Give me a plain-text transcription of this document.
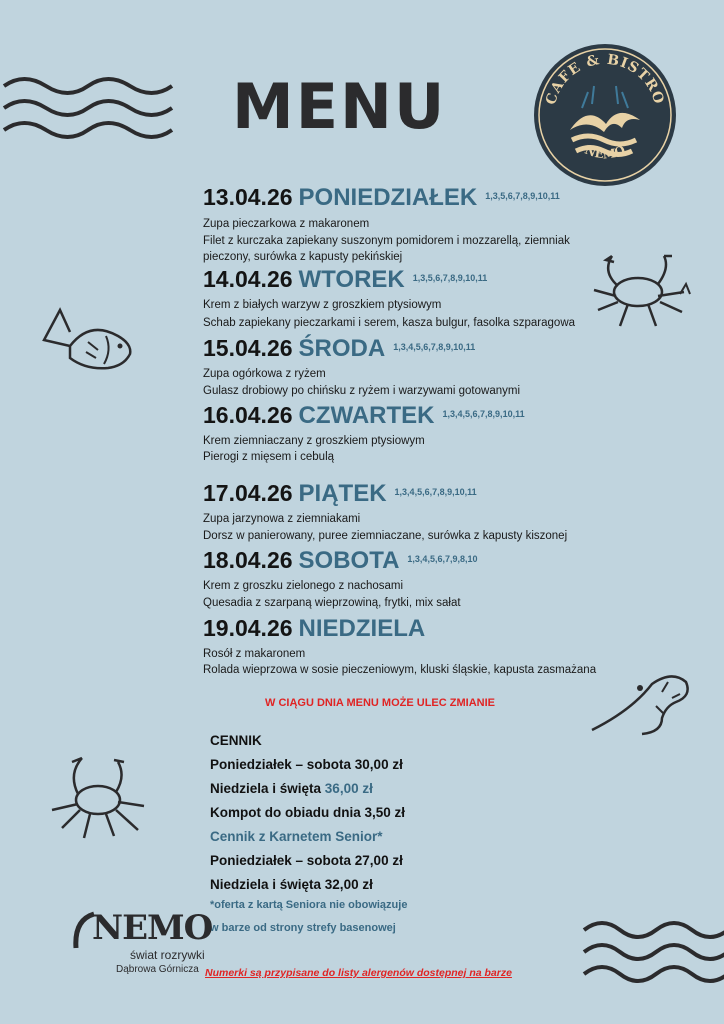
MENU	CAFE & BISTRO
NEMO
13.04.26 PONIEDZIAŁEK $^{1,3,5,6,7,8,9,10,11}$
Zupa pieczarkowa z makaronem
Filet z kurczaka zapiekany suszonym pomidorem i mozzarellą, ziemniak
pieczony, surówka z kapusty pekińskiej
14.04.26 WTOREK $^{1,3,5,6,7,8,9,10,11}$
Krem z białych warzyw z groszkiem ptysiowym
Schab zapiekany pieczarkami i serem, kasza bulgur, fasolka szparagowa
15.04.26 ŚRODA $^{1,3,4,5,6,7,8,9,10,11}$
Zupa ogórkowa z ryżem
Gulasz drobiowy po chińsku z ryżem i warzywami gotowanymi
16.04.26 CZWARTEK $^{1,3,4,5,6,7,8,9,10,11}$
Krem ziemniaczany z groszkiem ptysiowym
Pierogi z mięsem i cebulą
17.04.26 PIĄTEK $^{1,3,4,5,6,7,8,9,10,11}$
Zupa jarzynowa z ziemniakami
Dorsz w panierowany, puree ziemniaczane, surówka z kapusty kiszonej
18.04.26 SOBOTA $^{1,3,4,5,6,7,9,8,10}$
Krem z groszku zielonego z nachosami
Quesadia z szarpaną wieprzowiną, frytki, mix sałat
19.04.26 NIEDZIELA
Rosół z makaronem
Rolada wieprzowa w sosie pieczeniowym, kluski śląskie, kapusta zasmażana
W CIĄGU DNIA MENU MOŻE ULEC ZMIANIE
CENNIK
Poniedziałek – sobota 30,00 zł
Niedziela i święta 36,00 zł
Kompot do obiadu dnia 3,50 zł
Cennik z Karnetem Senior*
Poniedziałek – sobota 27,00 zł
Niedziela i święta 32,00 zł
*oferta z kartą Seniora nie obowiązuje
w barze od strony strefy basenowej
NEMO
świat rozrywki
Dąbrowa Górnicza Numerki są przypisane do listy alergenów dostępnej na barze
